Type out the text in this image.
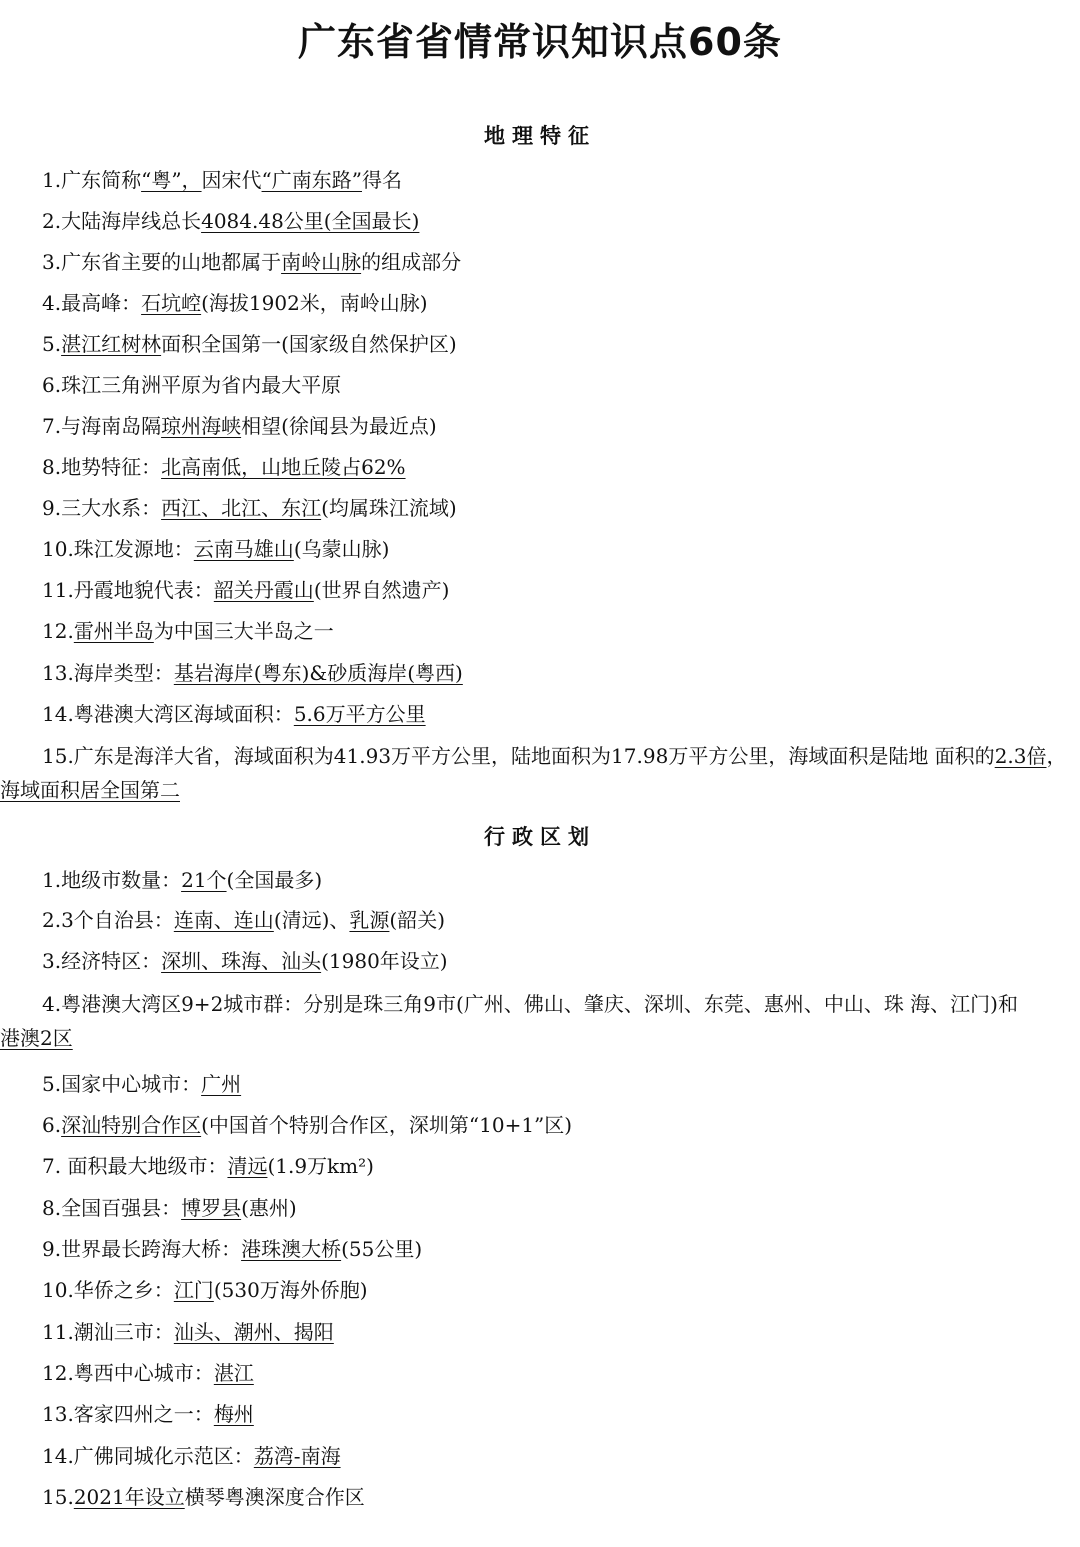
广东省省情常识知识点60条
地理特征
1.广东简称“粤”，因宋代“广南东路”得名
2.大陆海岸线总长4084.48公里(全国最长)
3.广东省主要的山地都属于南岭山脉的组成部分
4.最高峰：石坑崆(海拔1902米，南岭山脉)
5.湛江红树林面积全国第一(国家级自然保护区)
6.珠江三角洲平原为省内最大平原
7.与海南岛隔琼州海峡相望(徐闻县为最近点)
8.地势特征：北高南低，山地丘陵占62%
9.三大水系：西江、北江、东江(均属珠江流域)
10.珠江发源地：云南马雄山(乌蒙山脉)
11.丹霞地貌代表：韶关丹霞山(世界自然遗产)
12.雷州半岛为中国三大半岛之一
13.海岸类型：基岩海岸(粤东)&砂质海岸(粤西)
14.粤港澳大湾区海域面积：5.6万平方公里
15.广东是海洋大省，海域面积为41.93万平方公里，陆地面积为17.98万平方公里，海域面积是陆地 面积的2.3倍，海域面积居全国第二
行政区划
1.地级市数量：21个(全国最多)
2.3个自治县：连南、连山(清远)、乳源(韶关)
3.经济特区：深圳、珠海、汕头(1980年设立)
4.粤港澳大湾区9+2城市群：分别是珠三角9市(广州、佛山、肇庆、深圳、东莞、惠州、中山、珠 海、江门)和港澳2区
5.国家中心城市：广州
6.深汕特别合作区(中国首个特别合作区，深圳第“10+1”区)
7. 面积最大地级市：清远(1.9万km²)
8.全国百强县：博罗县(惠州)
9.世界最长跨海大桥：港珠澳大桥(55公里)
10.华侨之乡：江门(530万海外侨胞)
11.潮汕三市：汕头、潮州、揭阳
12.粤西中心城市：湛江
13.客家四州之一：梅州
14.广佛同城化示范区：荔湾-南海
15.2021年设立横琴粤澳深度合作区
